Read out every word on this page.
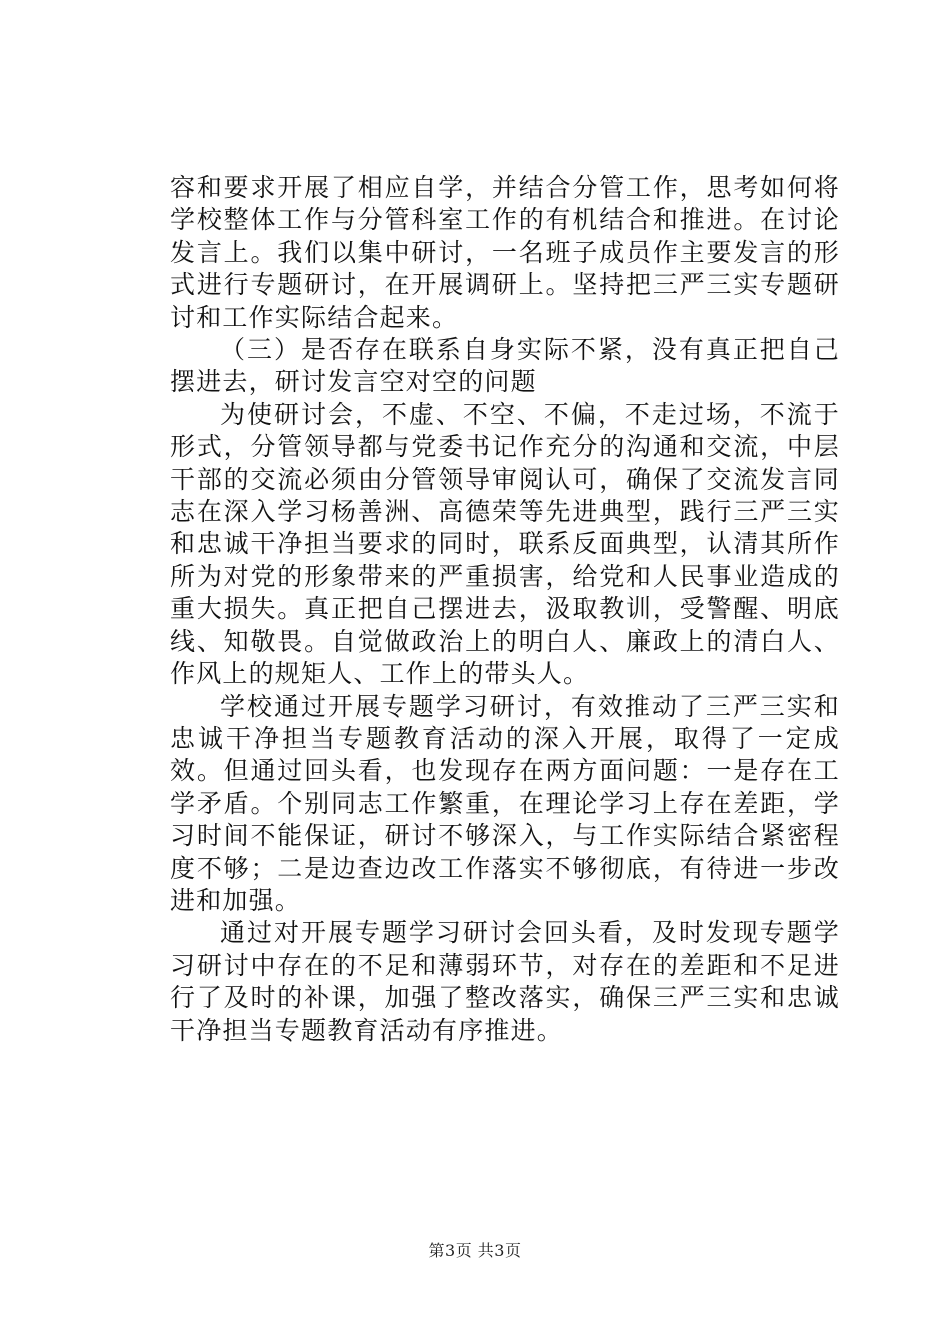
容和要求开展了相应自学，并结合分管工作，思考如何将学校整体工作与分管科室工作的有机结合和推进。在讨论发言上。我们以集中研讨，一名班子成员作主要发言的形式进行专题研讨，在开展调研上。坚持把三严三实专题研讨和工作实际结合起来。

（三）是否存在联系自身实际不紧，没有真正把自己摆进去，研讨发言空对空的问题

为使研讨会，不虚、不空、不偏，不走过场，不流于形式，分管领导都与党委书记作充分的沟通和交流，中层干部的交流必须由分管领导审阅认可，确保了交流发言同志在深入学习杨善洲、高德荣等先进典型，践行三严三实和忠诚干净担当要求的同时，联系反面典型，认清其所作所为对党的形象带来的严重损害，给党和人民事业造成的重大损失。真正把自己摆进去，汲取教训，受警醒、明底线、知敬畏。自觉做政治上的明白人、廉政上的清白人、作风上的规矩人、工作上的带头人。

学校通过开展专题学习研讨，有效推动了三严三实和忠诚干净担当专题教育活动的深入开展，取得了一定成效。但通过回头看，也发现存在两方面问题：一是存在工学矛盾。个别同志工作繁重，在理论学习上存在差距，学习时间不能保证，研讨不够深入，与工作实际结合紧密程度不够；二是边查边改工作落实不够彻底，有待进一步改进和加强。

通过对开展专题学习研讨会回头看，及时发现专题学习研讨中存在的不足和薄弱环节，对存在的差距和不足进行了及时的补课，加强了整改落实，确保三严三实和忠诚干净担当专题教育活动有序推进。

第3页 共3页
